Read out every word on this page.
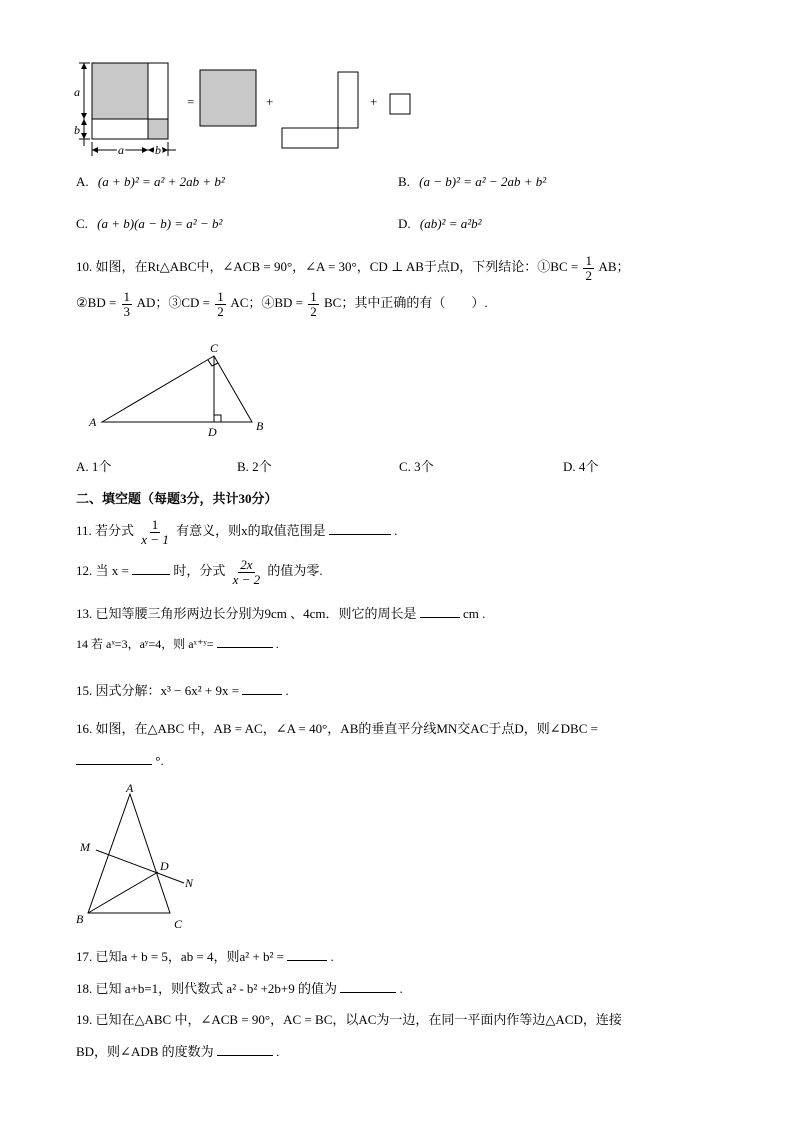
a
b
a	b
=	+	+
A. (a + b)² = a² + 2ab + b²	B. (a − b)² = a² − 2ab + b²
C. (a + b)(a − b) = a² − b²	D. (ab)² = a²b²
10. 如图，在Rt△ABC中，∠ACB = 90°，∠A = 30°，CD ⊥ AB于点D，下列结论：①BC = $\frac{1}{2}$ AB；
②BD = $\frac{1}{3}$ AD；③CD = $\frac{1}{2}$ AC；④BD = $\frac{1}{2}$ BC；其中正确的有（　　）.
C
A
D	B
A. 1个	B. 2个	C. 3个	D. 4个
二、填空题（每题3分，共计30分）
11. 若分式 $\frac{1}{x - 1}$ 有意义，则x的取值范围是	.
12. 当 x =	时，分式 $\frac{2x}{x - 2}$ 的值为零.
13. 已知等腰三角形两边长分别为9cm 、4cm．则它的周长是	cm .
14 若 aˣ=3，aʸ=4，则 aˣ⁺ʸ=	.
15. 因式分解：x³ − 6x² + 9x =	.
16. 如图，在△ABC 中，AB = AC，∠A = 40°，AB的垂直平分线MN交AC于点D，则∠DBC =
°.
A
M
D
N
B	C
17. 已知a + b = 5，ab = 4，则a² + b² =	.
18. 已知 a+b=1，则代数式 a² - b² +2b+9 的值为	.
19. 已知在△ABC 中，∠ACB = 90°，AC = BC，以AC为一边，在同一平面内作等边△ACD，连接
BD，则∠ADB 的度数为	.
